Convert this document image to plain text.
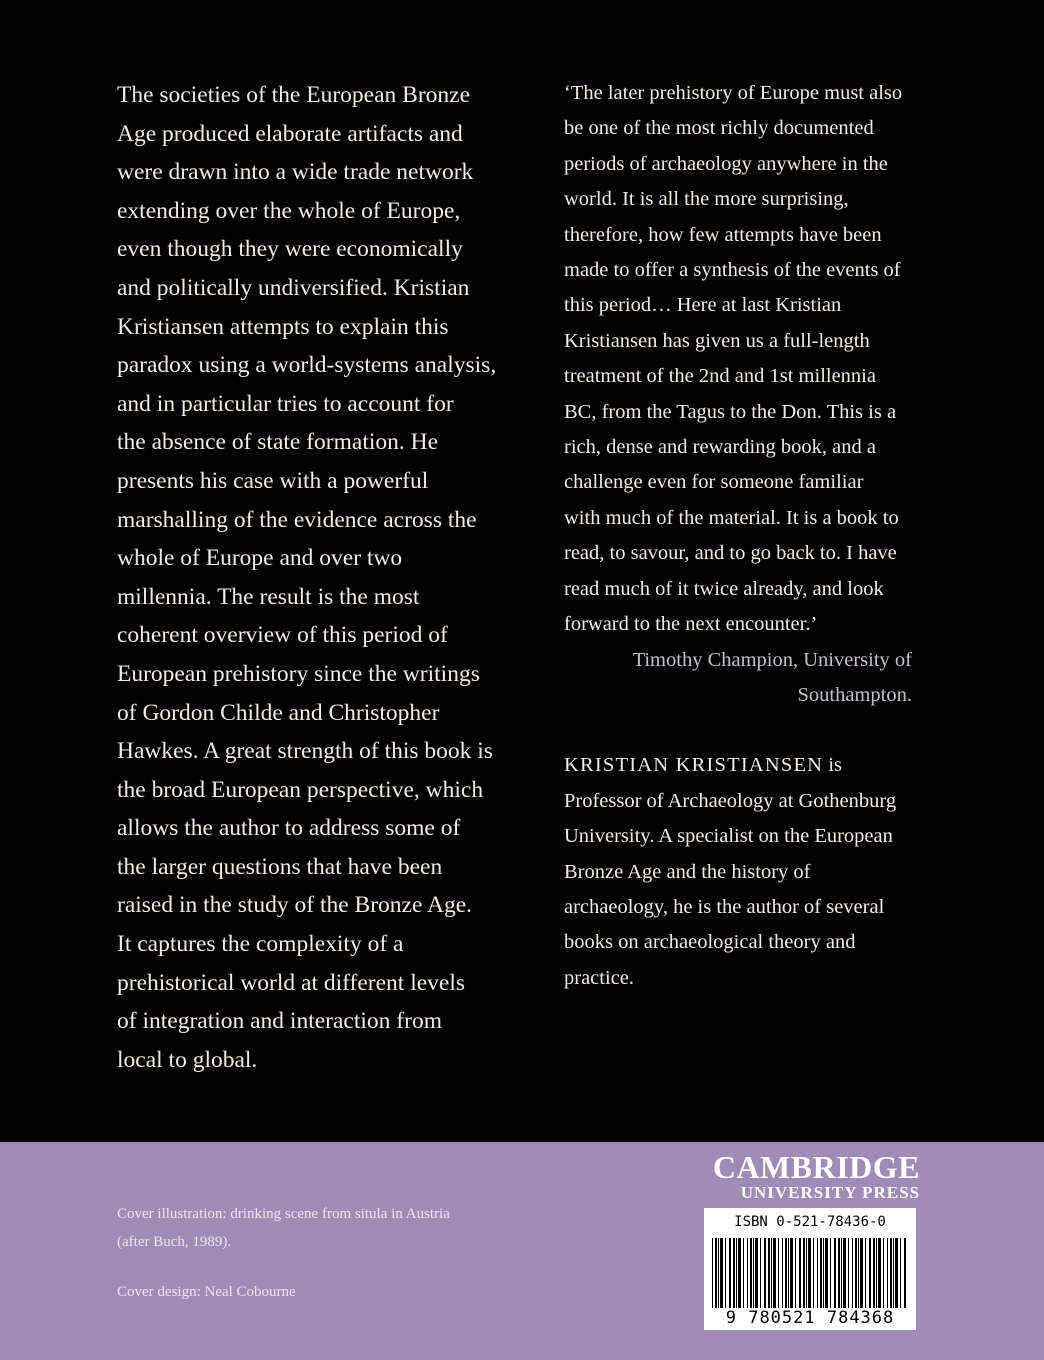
The societies of the European Bronze
Age produced elaborate artifacts and
were drawn into a wide trade network
extending over the whole of Europe,
even though they were economically
and politically undiversified. Kristian
Kristiansen attempts to explain this
paradox using a world-systems analysis,
and in particular tries to account for
the absence of state formation. He
presents his case with a powerful
marshalling of the evidence across the
whole of Europe and over two
millennia. The result is the most
coherent overview of this period of
European prehistory since the writings
of Gordon Childe and Christopher
Hawkes. A great strength of this book is
the broad European perspective, which
allows the author to address some of
the larger questions that have been
raised in the study of the Bronze Age.
It captures the complexity of a
prehistorical world at different levels
of integration and interaction from
local to global.
‘The later prehistory of Europe must also
be one of the most richly documented
periods of archaeology anywhere in the
world. It is all the more surprising,
therefore, how few attempts have been
made to offer a synthesis of the events of
this period… Here at last Kristian
Kristiansen has given us a full-length
treatment of the 2nd and 1st millennia
BC, from the Tagus to the Don. This is a
rich, dense and rewarding book, and a
challenge even for someone familiar
with much of the material. It is a book to
read, to savour, and to go back to. I have
read much of it twice already, and look
forward to the next encounter.’
Timothy Champion, University of
Southampton.
KRISTIAN KRISTIANSEN is
Professor of Archaeology at Gothenburg
University. A specialist on the European
Bronze Age and the history of
archaeology, he is the author of several
books on archaeological theory and
practice.
Cover illustration: drinking scene from situla in Austria
(after Buch, 1989).
Cover design: Neal Cobourne
CAMBRIDGE
UNIVERSITY PRESS
ISBN 0-521-78436-0
9 780521 784368
